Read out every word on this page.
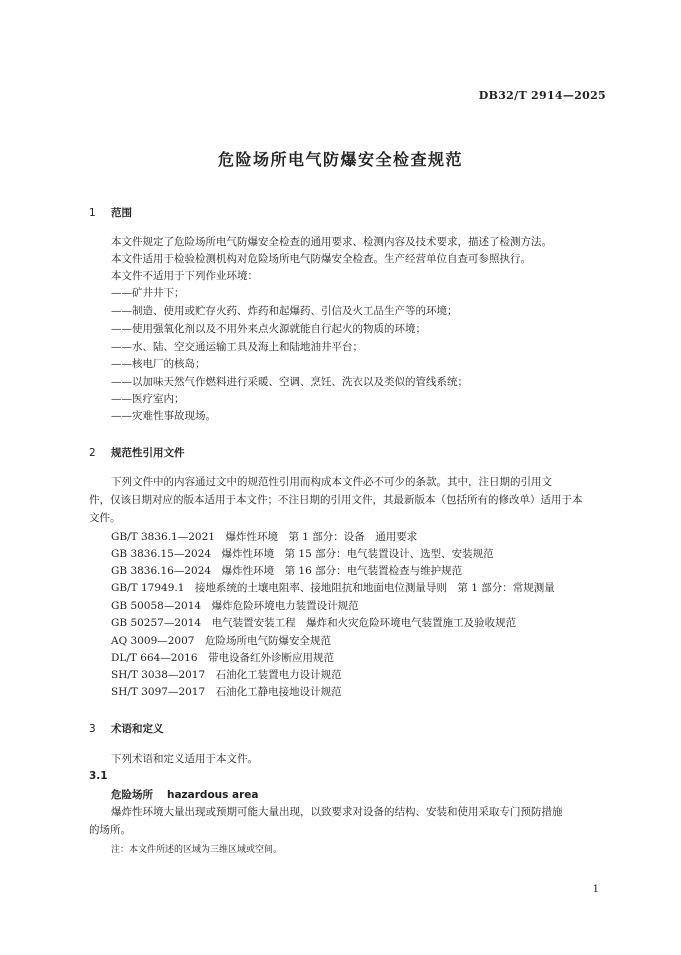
DB32/T 2914—2025
危险场所电气防爆安全检查规范
1 范围
本文件规定了危险场所电气防爆安全检查的通用要求、检测内容及技术要求，描述了检测方法。
本文件适用于检验检测机构对危险场所电气防爆安全检查。生产经营单位自查可参照执行。
本文件不适用于下列作业环境：
——矿井井下；
——制造、使用或贮存火药、炸药和起爆药、引信及火工品生产等的环境；
——使用强氧化剂以及不用外来点火源就能自行起火的物质的环境；
——水、陆、空交通运输工具及海上和陆地油井平台；
——核电厂的核岛；
——以加味天然气作燃料进行采暖、空调、烹饪、洗衣以及类似的管线系统；
——医疗室内；
——灾难性事故现场。
2 规范性引用文件
下列文件中的内容通过文中的规范性引用而构成本文件必不可少的条款。其中，注日期的引用文
件，仅该日期对应的版本适用于本文件；不注日期的引用文件，其最新版本（包括所有的修改单）适用于本
文件。
GB/T 3836.1—2021　爆炸性环境　第 1 部分：设备　通用要求
GB 3836.15—2024　爆炸性环境　第 15 部分：电气装置设计、选型、安装规范
GB 3836.16—2024　爆炸性环境　第 16 部分：电气装置检查与维护规范
GB/T 17949.1　接地系统的土壤电阻率、接地阻抗和地面电位测量导则　第 1 部分：常规测量
GB 50058—2014　爆炸危险环境电力装置设计规范
GB 50257—2014　电气装置安装工程　爆炸和火灾危险环境电气装置施工及验收规范
AQ 3009—2007　危险场所电气防爆安全规范
DL/T 664—2016　带电设备红外诊断应用规范
SH/T 3038—2017　石油化工装置电力设计规范
SH/T 3097—2017　石油化工静电接地设计规范
3 术语和定义
下列术语和定义适用于本文件。
3.1
危险场所 hazardous area
爆炸性环境大量出现或预期可能大量出现，以致要求对设备的结构、安装和使用采取专门预防措施
的场所。
注：本文件所述的区域为三维区域或空间。
1
